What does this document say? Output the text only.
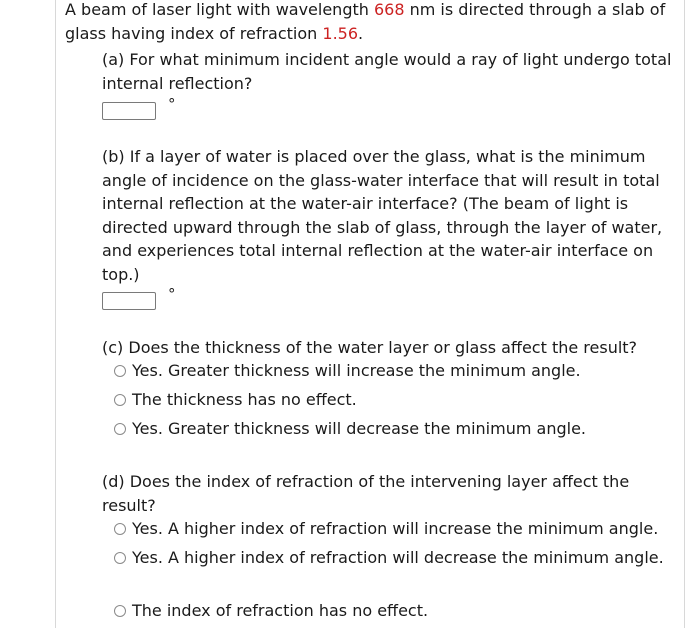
A beam of laser light with wavelength 668 nm is directed through a slab of glass having index of refraction 1.56.
(a) For what minimum incident angle would a ray of light undergo total internal reflection?
°
(b) If a layer of water is placed over the glass, what is the minimum angle of incidence on the glass-water interface that will result in total internal reflection at the water-air interface? (The beam of light is directed upward through the slab of glass, through the layer of water, and experiences total internal reflection at the water-air interface on top.)
°
(c) Does the thickness of the water layer or glass affect the result?
Yes. Greater thickness will increase the minimum angle.
The thickness has no effect.
Yes. Greater thickness will decrease the minimum angle.
(d) Does the index of refraction of the intervening layer affect the result?
Yes. A higher index of refraction will increase the minimum angle.
Yes. A higher index of refraction will decrease the minimum angle.
The index of refraction has no effect.
